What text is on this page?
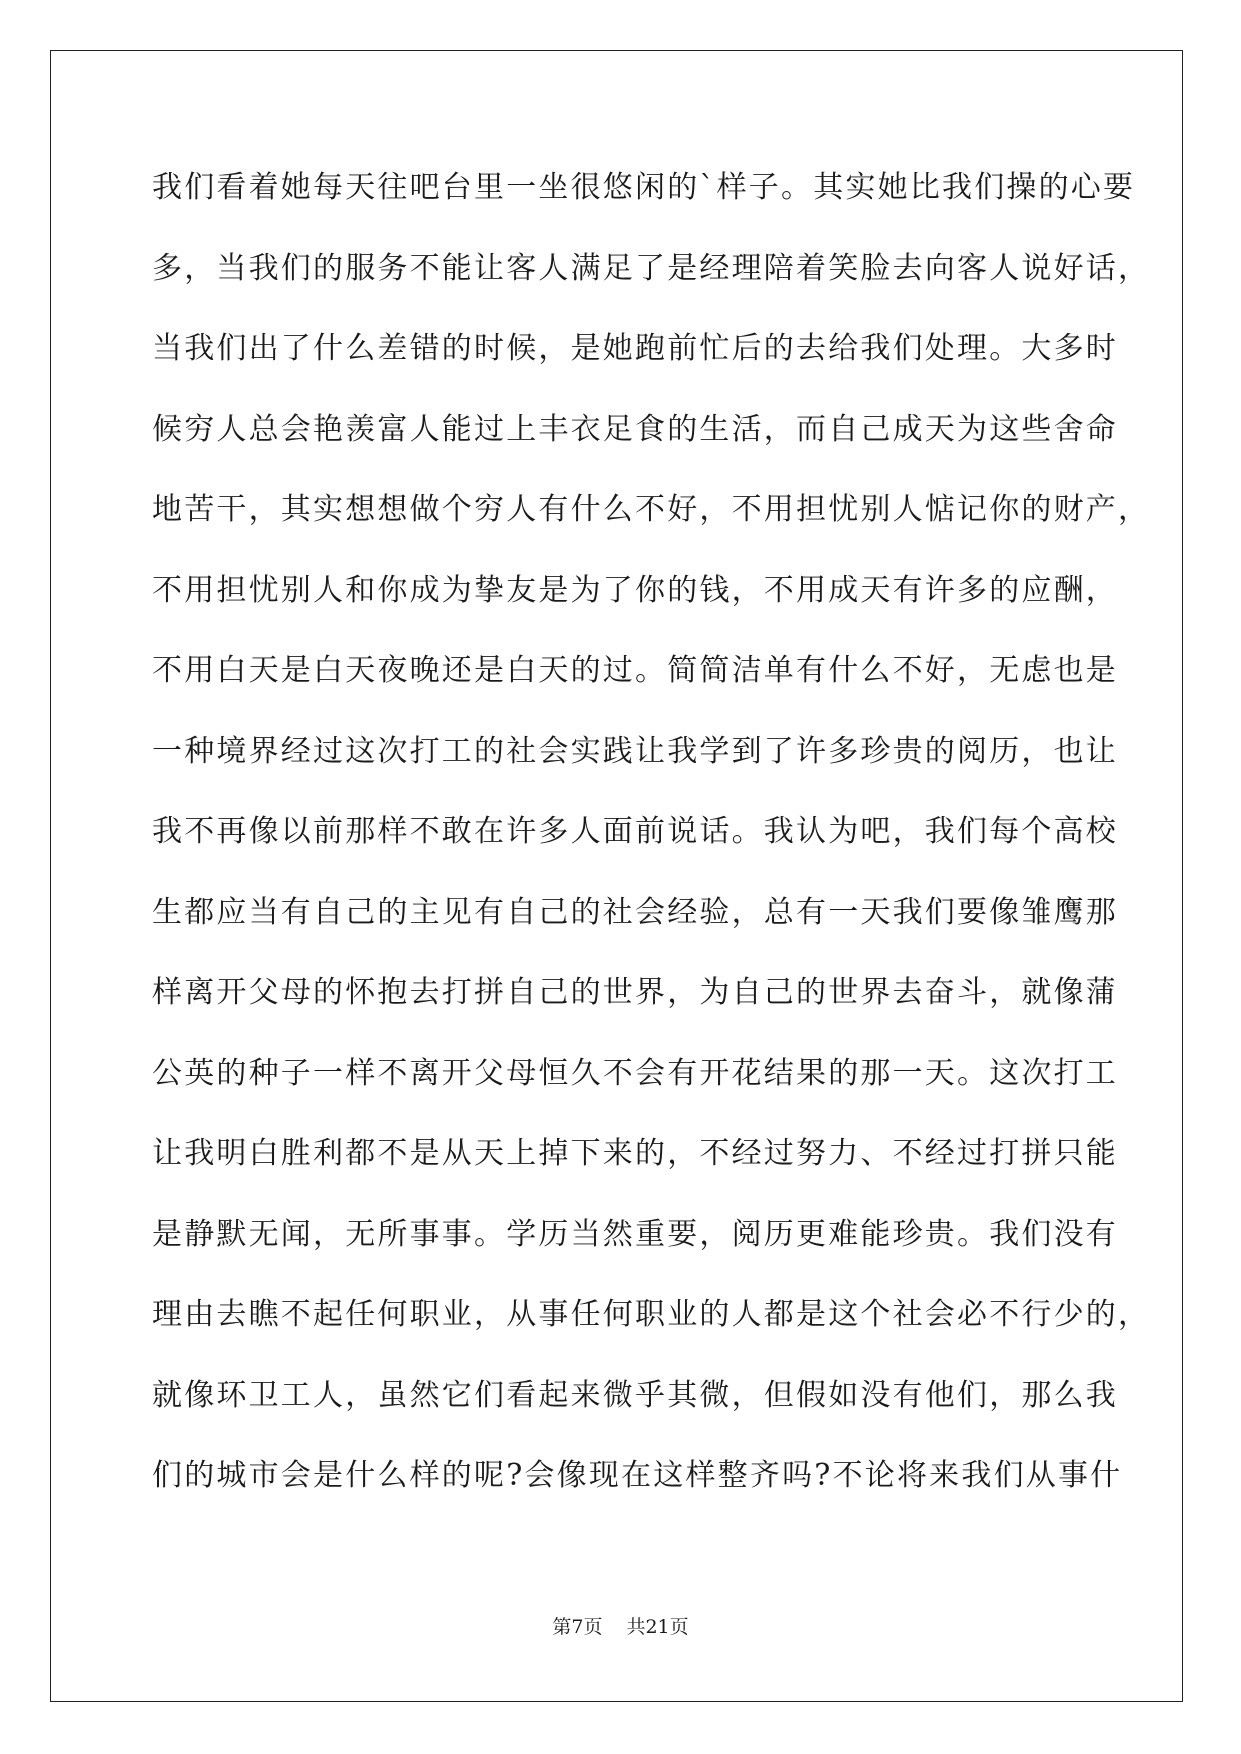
我们看着她每天往吧台里一坐很悠闲的`样子。其实她比我们操的心要
多，当我们的服务不能让客人满足了是经理陪着笑脸去向客人说好话，
当我们出了什么差错的时候，是她跑前忙后的去给我们处理。大多时
候穷人总会艳羡富人能过上丰衣足食的生活，而自己成天为这些舍命
地苦干，其实想想做个穷人有什么不好，不用担忧别人惦记你的财产，
不用担忧别人和你成为挚友是为了你的钱，不用成天有许多的应酬，
不用白天是白天夜晚还是白天的过。简简洁单有什么不好，无虑也是
一种境界经过这次打工的社会实践让我学到了许多珍贵的阅历，也让
我不再像以前那样不敢在许多人面前说话。我认为吧，我们每个高校
生都应当有自己的主见有自己的社会经验，总有一天我们要像雏鹰那
样离开父母的怀抱去打拼自己的世界，为自己的世界去奋斗，就像蒲
公英的种子一样不离开父母恒久不会有开花结果的那一天。这次打工
让我明白胜利都不是从天上掉下来的，不经过努力、不经过打拼只能
是静默无闻，无所事事。学历当然重要，阅历更难能珍贵。我们没有
理由去瞧不起任何职业，从事任何职业的人都是这个社会必不行少的，
就像环卫工人，虽然它们看起来微乎其微，但假如没有他们，那么我
们的城市会是什么样的呢?会像现在这样整齐吗?不论将来我们从事什
第7页 共21页
